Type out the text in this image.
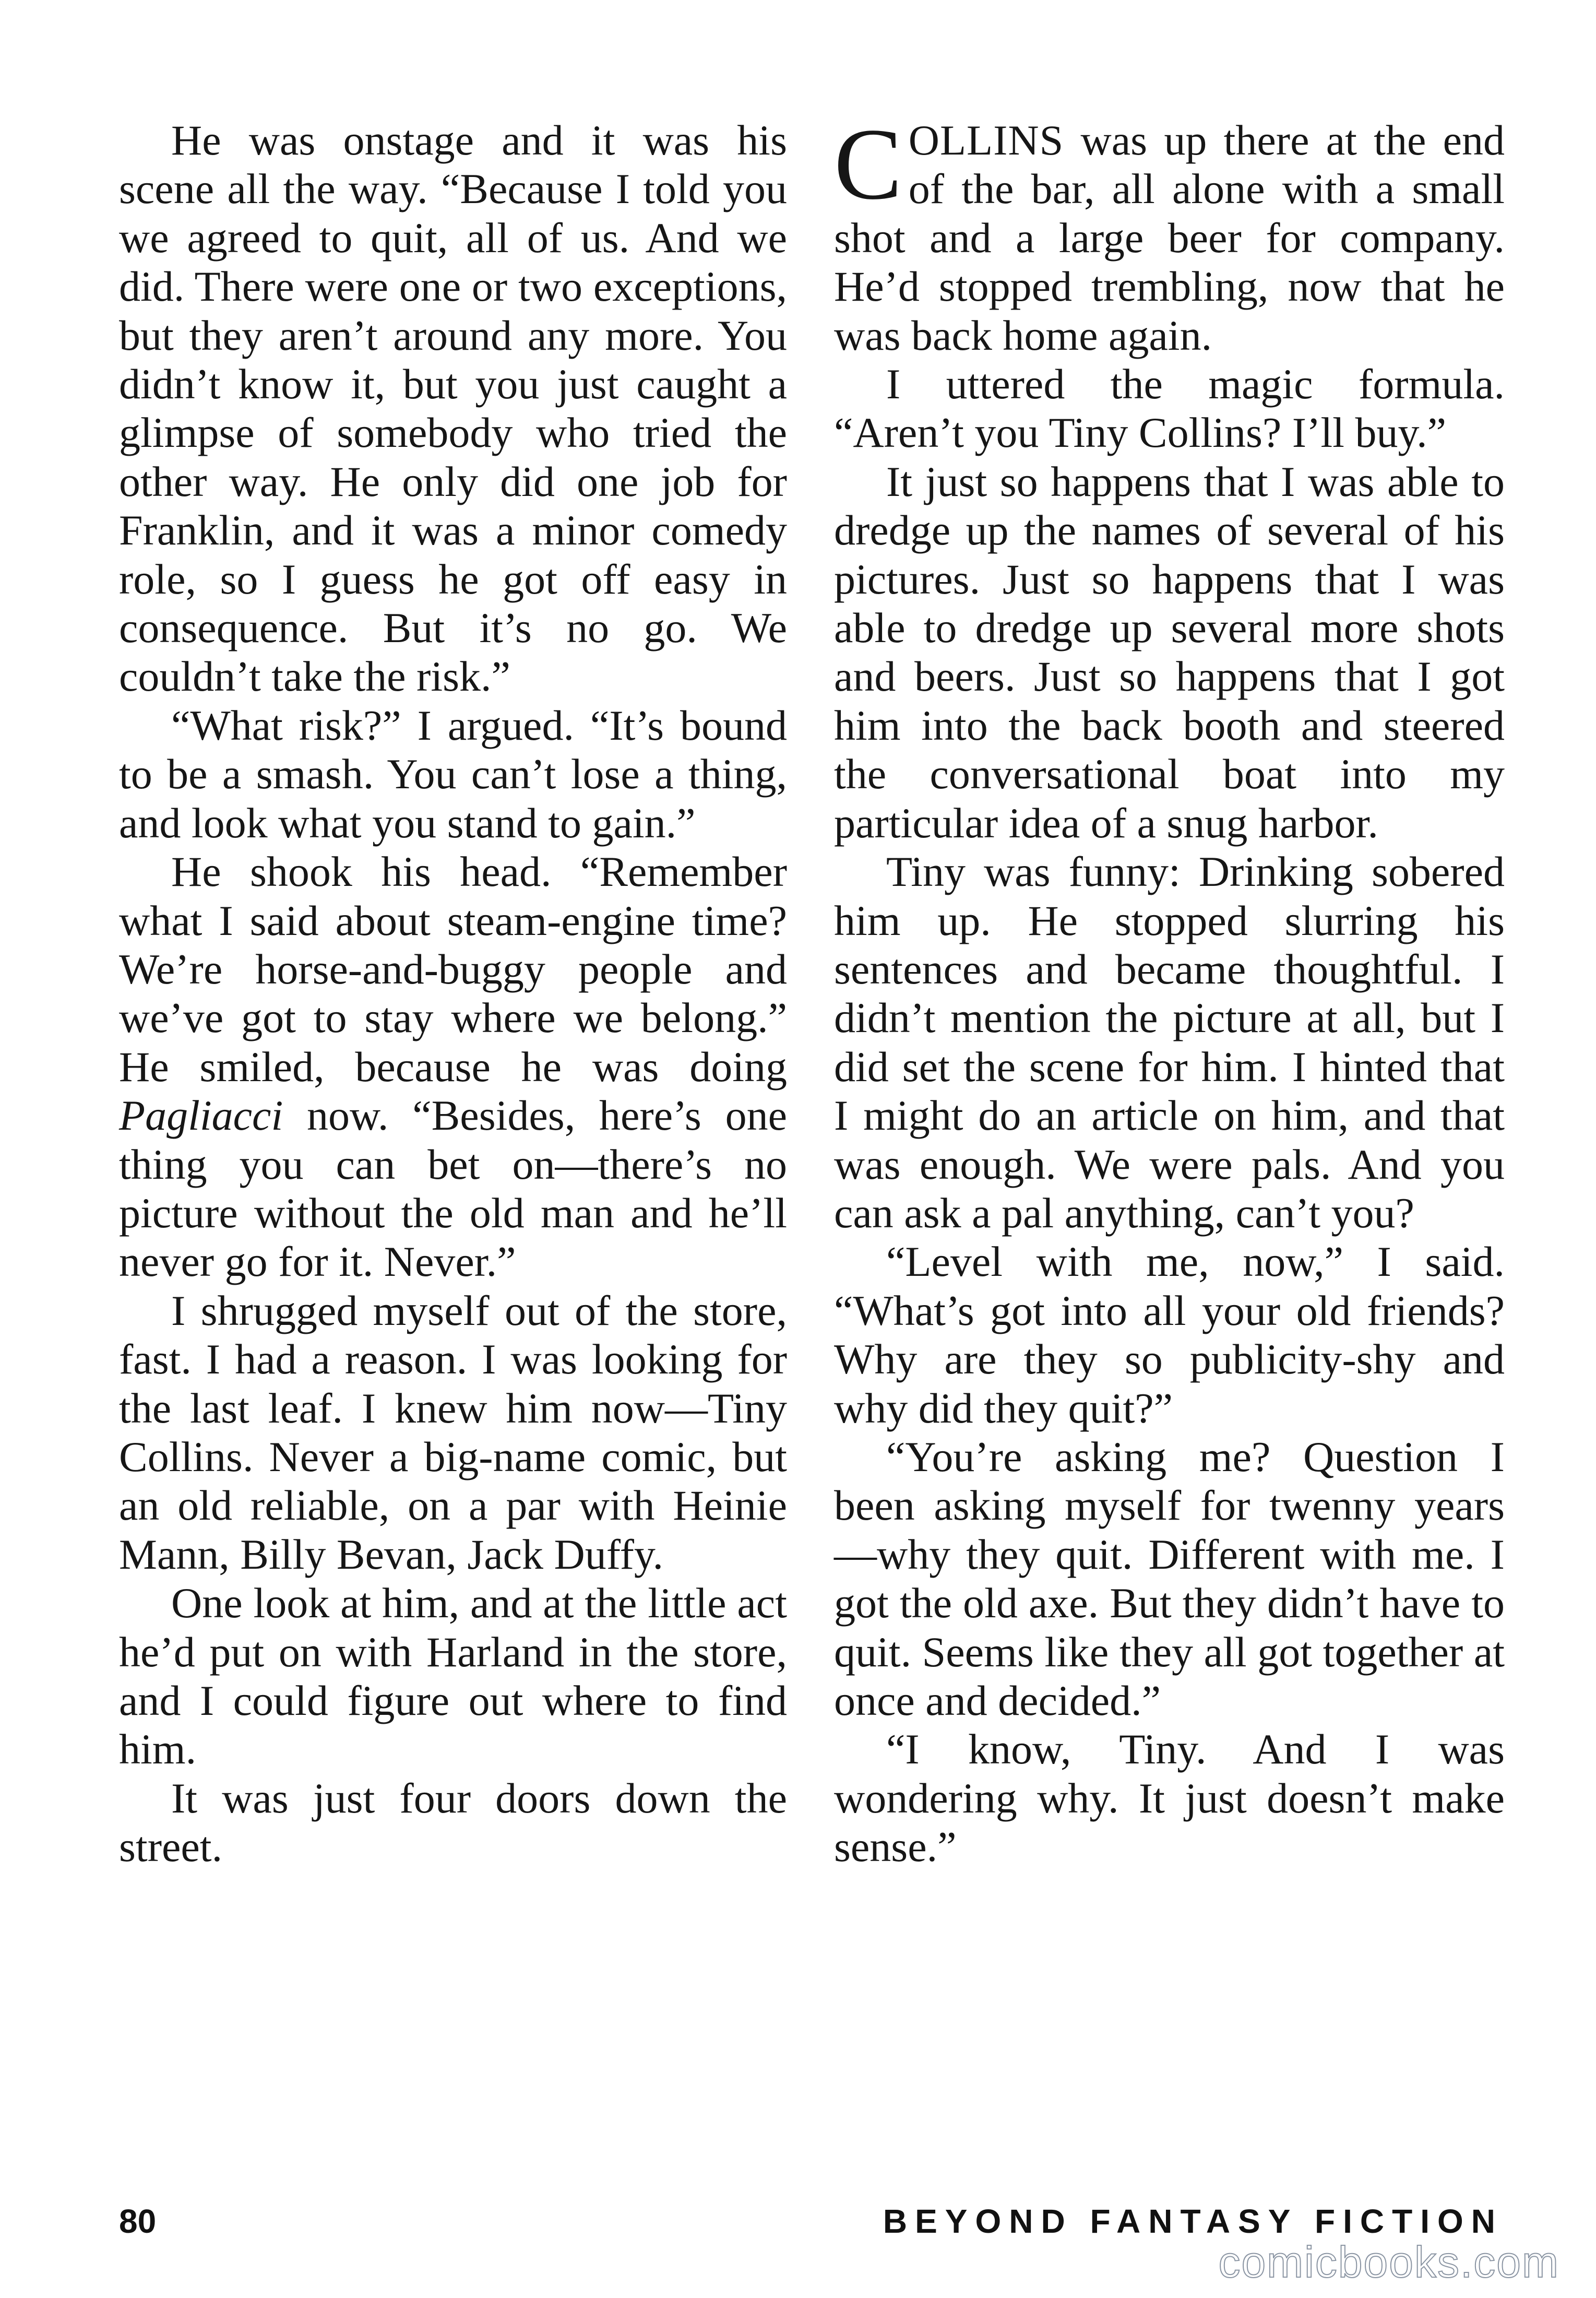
He was onstage and it was his scene all the way. “Because I told you we agreed to quit, all of us. And we did. There were one or two exceptions, but they aren’t around any more. You didn’t know it, but you just caught a glimpse of somebody who tried the other way. He only did one job for Franklin, and it was a minor comedy role, so I guess he got off easy in consequence. But it’s no go. We couldn’t take the risk.”

“What risk?” I argued. “It’s bound to be a smash. You can’t lose a thing, and look what you stand to gain.”

He shook his head. “Remember what I said about steam-engine time? We’re horse-and-buggy people and we’ve got to stay where we belong.” He smiled, because he was doing Pagliacci now. “Besides, here’s one thing you can bet on—there’s no picture without the old man and he’ll never go for it. Never.”

I shrugged myself out of the store, fast. I had a reason. I was looking for the last leaf. I knew him now—Tiny Collins. Never a big-name comic, but an old reliable, on a par with Heinie Mann, Billy Bevan, Jack Duffy.

One look at him, and at the little act he’d put on with Harland in the store, and I could figure out where to find him.

It was just four doors down the street.

COLLINS was up there at the end of the bar, all alone with a small shot and a large beer for company. He’d stopped trembling, now that he was back home again.

I uttered the magic formula. “Aren’t you Tiny Collins? I’ll buy.”

It just so happens that I was able to dredge up the names of several of his pictures. Just so happens that I was able to dredge up several more shots and beers. Just so happens that I got him into the back booth and steered the conversational boat into my particular idea of a snug harbor.

Tiny was funny: Drinking sobered him up. He stopped slurring his sentences and became thoughtful. I didn’t mention the picture at all, but I did set the scene for him. I hinted that I might do an article on him, and that was enough. We were pals. And you can ask a pal anything, can’t you?

“Level with me, now,” I said. “What’s got into all your old friends? Why are they so publicity-shy and why did they quit?”

“You’re asking me? Question I been asking myself for twenny years—why they quit. Different with me. I got the old axe. But they didn’t have to quit. Seems like they all got together at once and decided.”

“I know, Tiny. And I was wondering why. It just doesn’t make sense.”

80	BEYOND FANTASY FICTION
comicbooks.com
